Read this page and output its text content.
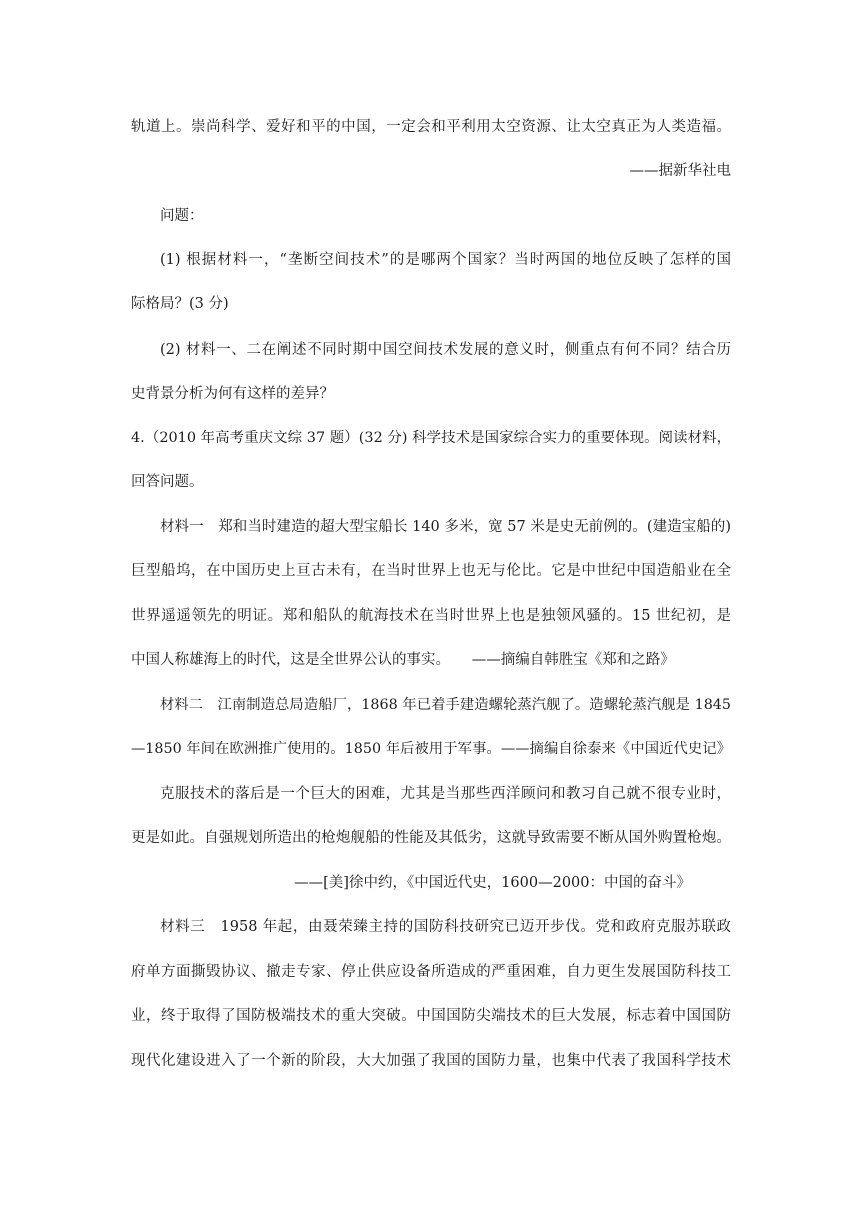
轨道上。崇尚科学、爱好和平的中国，一定会和平利用太空资源、让太空真正为人类造福。
——据新华社电
问题：
(1) 根据材料一，“垄断空间技术”的是哪两个国家？当时两国的地位反映了怎样的国
际格局？(3 分)
(2) 材料一、二在阐述不同时期中国空间技术发展的意义时，侧重点有何不同？结合历
史背景分析为何有这样的差异？
4.（2010 年高考重庆文综 37 题）(32 分) 科学技术是国家综合实力的重要体现。阅读材料，
回答问题。
材料一　郑和当时建造的超大型宝船长 140 多米，宽 57 米是史无前例的。(建造宝船的)
巨型船坞，在中国历史上亘古未有，在当时世界上也无与伦比。它是中世纪中国造船业在全
世界遥遥领先的明证。郑和船队的航海技术在当时世界上也是独领风骚的。15 世纪初，是
中国人称雄海上的时代，这是全世界公认的事实。　　——摘编自韩胜宝《郑和之路》
材料二　江南制造总局造船厂，1868 年已着手建造螺轮蒸汽舰了。造螺轮蒸汽舰是 1845
—1850 年间在欧洲推广使用的。1850 年后被用于军事。——摘编自徐泰来《中国近代史记》
克服技术的落后是一个巨大的困难，尤其是当那些西洋顾问和教习自己就不很专业时，
更是如此。自强规划所造出的枪炮舰船的性能及其低劣，这就导致需要不断从国外购置枪炮。
——[美]徐中约，《中国近代史，1600—2000：中国的奋斗》
材料三　1958 年起，由聂荣臻主持的国防科技研究已迈开步伐。党和政府克服苏联政
府单方面撕毁协议、撤走专家、停止供应设备所造成的严重困难，自力更生发展国防科技工
业，终于取得了国防极端技术的重大突破。中国国防尖端技术的巨大发展，标志着中国国防
现代化建设进入了一个新的阶段，大大加强了我国的国防力量，也集中代表了我国科学技术
